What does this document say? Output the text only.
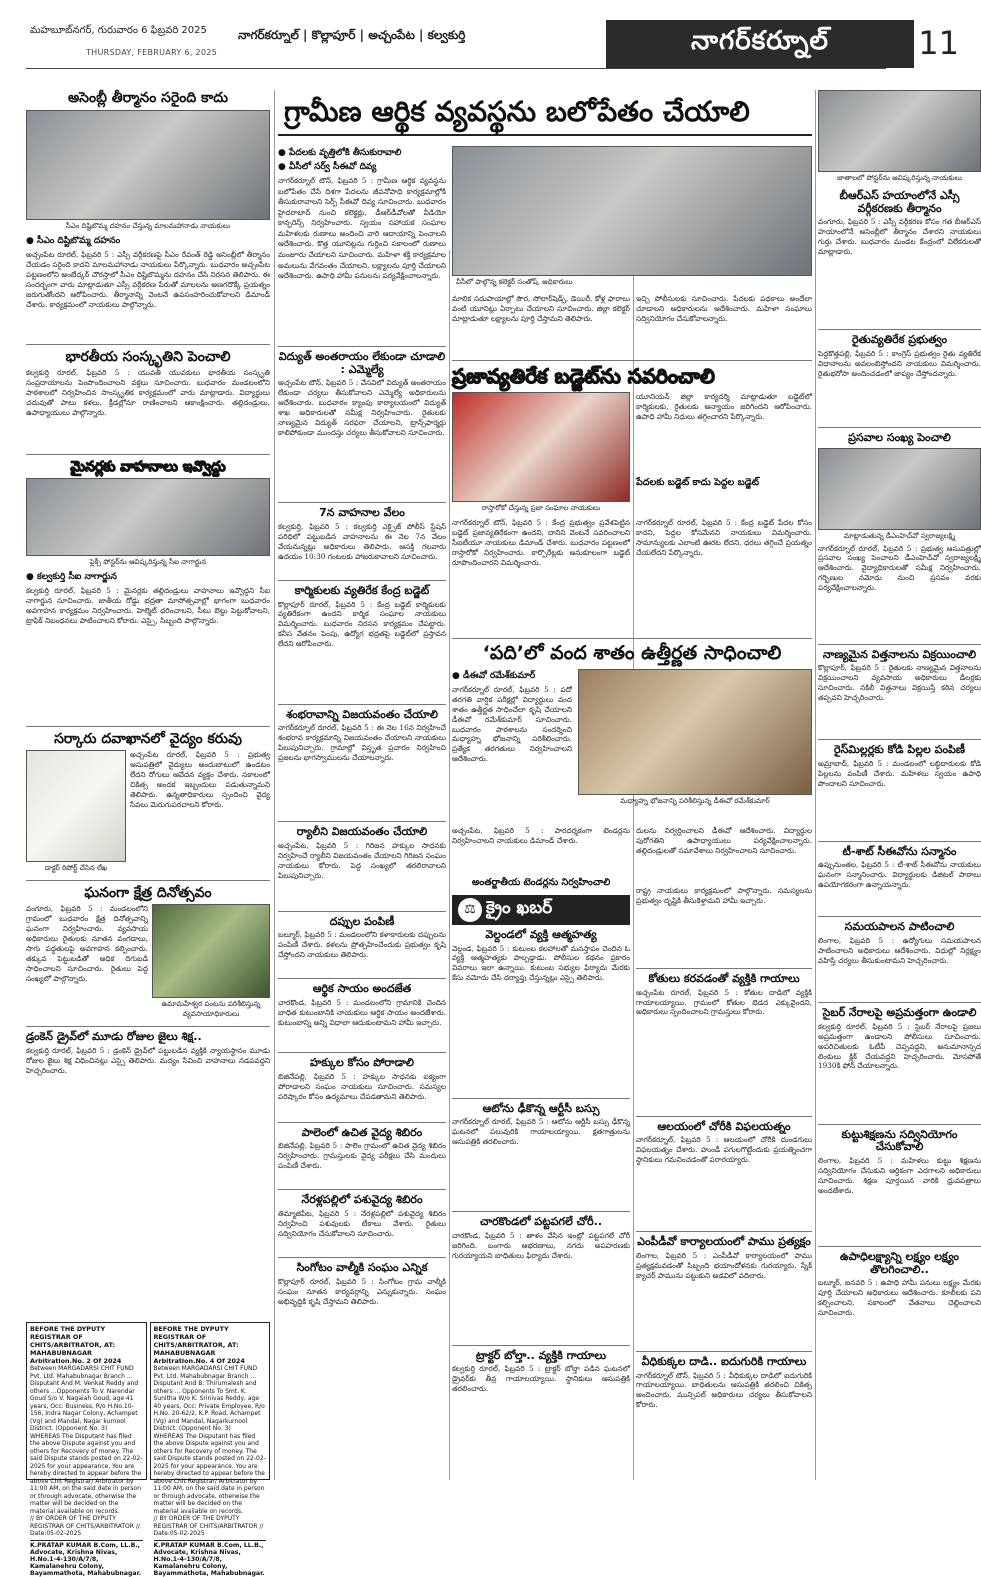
మహబూబ్‌నగర్, గురువారం 6 ఫిబ్రవరి 2025
THURSDAY, FEBRUARY 6, 2025
నాగర్‌కర్నూల్ | కొల్లాపూర్ | అచ్చంపేట | కల్వకుర్తి	నాగర్‌కర్నూల్	11
గ్రామీణ ఆర్థిక వ్యవస్థను బలోపేతం చేయాలి
అసెంబ్లీ తీర్మానం సరైంది కాదు
సీఎం దిష్టిబొమ్మ దహనం చేస్తున్న మాలమహానాడు నాయకులు
● సీఎం దిష్టిబొమ్మ దహనం
అచ్చంపేట రూరల్, ఫిబ్రవరి 5 : ఎస్సీ వర్గీకరణపై సీఎం రేవంత్ రెడ్డి అసెంబ్లీలో తీర్మానం చేయడం సరైంది కాదని మాలమహానాడు నాయకులు పేర్కొన్నారు. బుధవారం అచ్చంపేట పట్టణంలోని అంబేద్కర్ చౌరస్తాలో సీఎం దిష్టిబొమ్మను దహనం చేసి నిరసన తెలిపారు. ఈ సందర్భంగా వారు మాట్లాడుతూ ఎస్సీ వర్గీకరణ పేరుతో మాలలను అణగదొక్కే ప్రయత్నం జరుగుతోందని ఆరోపించారు. తీర్మానాన్ని వెంటనే ఉపసంహరించుకోవాలని డిమాండ్ చేశారు. కార్యక్రమంలో నాయకులు పాల్గొన్నారు.
భారతీయ సంస్కృతిని పెంచాలి
కల్వకుర్తి రూరల్, ఫిబ్రవరి 5 : యువతీ యువకులు భారతీయ సంస్కృతి సంప్రదాయాలను పెంపొందించాలని వక్తలు సూచించారు. బుధవారం మండలంలోని పాఠశాలలో నిర్వహించిన సాంస్కృతిక కార్యక్రమంలో వారు మాట్లాడారు. విద్యార్థులు చదువుతో పాటు కళలు, క్రీడల్లోనూ రాణించాలని ఆకాంక్షించారు. తల్లిదండ్రులు, ఉపాధ్యాయులు పాల్గొన్నారు.
మైనర్లకు వాహనాలు ఇవ్వొద్దు
ఫ్లెక్సీ పోస్టర్‌ను ఆవిష్కరిస్తున్న సీఐ నాగార్జున
● కల్వకుర్తి సీఐ నాగార్జున
కల్వకుర్తి రూరల్, ఫిబ్రవరి 5 : మైనర్లకు తల్లిదండ్రులు వాహనాలు ఇవ్వొద్దని సీఐ నాగార్జున సూచించారు. జాతీయ రోడ్డు భద్రతా మాసోత్సవాల్లో భాగంగా బుధవారం అవగాహన కార్యక్రమం నిర్వహించారు. హెల్మెట్ ధరించాలని, సీటు బెల్టు పెట్టుకోవాలని, ట్రాఫిక్ నిబంధనలు పాటించాలని కోరారు. ఎస్సై, సిబ్బంది పాల్గొన్నారు.
సర్కారు దవాఖానలో వైద్యం కరువు
డాక్టర్ రిపోర్ట్ చేసిన లేఖ
అచ్చంపేట రూరల్, ఫిబ్రవరి 5 : ప్రభుత్వ ఆసుపత్రిలో వైద్యులు అందుబాటులో ఉండటం లేదని రోగులు ఆవేదన వ్యక్తం చేశారు. సకాలంలో చికిత్స అందక ఇబ్బందులు పడుతున్నామని తెలిపారు. ఉన్నతాధికారులు స్పందించి వైద్య సేవలు మెరుగుపరచాలని కోరారు.
ఘనంగా క్షేత్ర దినోత్సవం
వంగూరు, ఫిబ్రవరి 5 : మండలంలోని గ్రామంలో బుధవారం క్షేత్ర దినోత్సవాన్ని ఘనంగా నిర్వహించారు. వ్యవసాయ అధికారులు రైతులకు నూతన వంగడాలు, సాగు పద్ధతులపై అవగాహన కల్పించారు. తక్కువ పెట్టుబడితో అధిక దిగుబడి సాధించాలని సూచించారు. రైతులు పెద్ద సంఖ్యలో పాల్గొన్నారు.
ఉమామహేశ్వర పంటను పరిశీలిస్తున్న వ్యవసాయాధికారులు
డ్రంకెన్ డ్రైవ్‌లో మూడు రోజుల జైలు శిక్ష..
కల్వకుర్తి రూరల్, ఫిబ్రవరి 5 : డ్రంకెన్ డ్రైవ్‌లో పట్టుబడిన వ్యక్తికి న్యాయస్థానం మూడు రోజుల జైలు శిక్ష విధించినట్లు ఎస్సై తెలిపారు. మద్యం సేవించి వాహనాలు నడపవద్దని హెచ్చరించారు.
BEFORE THE DYPUTY REGISTRAR OF CHITS/ARBITRATOR, AT: MAHABUBNAGAR Arbitration.No. 2 Of 2024
Between MARGADARSI CHIT FUND Pvt. Ltd. Mahabubnagar Branch ... Disputant And M. Venkat Reddy and others ...Opponents To V. Narendar Goud S/o V. Nagaiah Goud, age 41 years, Occ: Business, R/o H.No.10-156, Indra Nagar Colony, Achampet (Vg) and Mandal, Nagar kurnool District. (Opponent No. 3)
WHEREAS The Disputant has filed the above Dispute against you and others for Recovery of money. The said Dispute stands posted on 22-02-2025 for your appearance. You are hereby directed to appear before the above Chit Registrar/ Arbitrator by 11:00 AM, on the said date in person or through advocate, otherwise the matter will be decided on the material available on records.
// BY ORDER OF THE DYPUTY REGISTRAR OF CHITS/ARBITRATOR // Date:05-02-2025
K.PRATAP KUMAR B.Com, LL.B., Advocate, Krishna Nivas, H.No.1-4-130/A/7/8, Kamalanehru Colony, Bayammathota, Mahabubnagar.
BEFORE THE DYPUTY REGISTRAR OF CHITS/ARBITRATOR, AT: MAHABUBNAGAR Arbitration.No. 4 Of 2024
Between MARGADARSI CHIT FUND Pvt. Ltd. Mahabubnagar Branch ... Disputant And B. Thirumalesh and others ... Opponents To Smt. K. Sunitha W/o K. Srinivas Reddy, age 40 years, Occ: Private Employee, R/o H.No. 20-62/2, K.P. Road, Achampet (Vg) and Mandal, Nagarkurnool District. (Opponent No. 3)
WHEREAS The Disputant has filed the above Dispute against you and others for Recovery of money. The said Dispute stands posted on 22-02-2025 for your appearance. You are hereby directed to appear before the above Chit Registrar/ Arbitrator by 11:00 AM, on the said date in person or through advocate, otherwise the matter will be decided on the material available on records.
// BY ORDER OF THE DYPUTY REGISTRAR OF CHITS/ARBITRATOR // Date:05-02-2025
K.PRATAP KUMAR B.Com, LL.B., Advocate, Krishna Nivas, H.No.1-4-130/A/7/8, Kamalanehru Colony, Bayammathota, Mahabubnagar.
● పేదలకు వృత్తిలోకి తీసుకురావాలి
● వీసీలో సర్వ్ సీఈవో దివ్య
నాగర్‌కర్నూల్ టౌన్, ఫిబ్రవరి 5 : గ్రామీణ ఆర్థిక వ్యవస్థను బలోపేతం చేసే దిశగా పేదలను జీవనోపాధి కార్యక్రమాల్లోకి తీసుకురావాలని సెర్ప్ సీఈవో దివ్య సూచించారు. బుధవారం హైదరాబాద్ నుంచి కలెక్టర్లు, డీఆర్‌డీవోలతో వీడియో కాన్ఫరెన్స్ నిర్వహించారు. స్వయం సహాయక సంఘాల మహిళలకు రుణాలు అందించి వారి ఆదాయాన్ని పెంచాలని ఆదేశించారు. కొత్త యూనిట్లను గుర్తించి సకాలంలో రుణాలు మంజూరు చేయాలని సూచించారు. మహిళా శక్తి కార్యక్రమాల అమలును వేగవంతం చేయాలని, లక్ష్యాలను పూర్తి చేయాలని ఆదేశించారు. ఉపాధి హామీ పనులను పర్యవేక్షించాలన్నారు.
విద్యుత్ అంతరాయం లేకుండా చూడాలి : ఎమ్మెల్యే
అచ్చంపేట టౌన్, ఫిబ్రవరి 5 : వేసవిలో విద్యుత్ అంతరాయం లేకుండా చర్యలు తీసుకోవాలని ఎమ్మెల్యే అధికారులను ఆదేశించారు. బుధవారం క్యాంపు కార్యాలయంలో విద్యుత్ శాఖ అధికారులతో సమీక్ష నిర్వహించారు. రైతులకు నాణ్యమైన విద్యుత్ సరఫరా చేయాలని, ట్రాన్స్‌ఫార్మర్లు కాలిపోకుండా ముందస్తు చర్యలు తీసుకోవాలని సూచించారు.
7న వాహనాల వేలం
కల్వకుర్తి, ఫిబ్రవరి 5 : కల్వకుర్తి ఎక్సైజ్ పోలీస్ స్టేషన్ పరిధిలో పట్టుబడిన వాహనాలను ఈ నెల 7న వేలం వేయనున్నట్లు అధికారులు తెలిపారు. ఆసక్తి గలవారు ఉదయం 10:30 గంటలకు హాజరుకావాలని సూచించారు.
కార్మికులకు వ్యతిరేక కేంద్ర బడ్జెట్
కొల్లాపూర్ రూరల్, ఫిబ్రవరి 5 : కేంద్ర బడ్జెట్ కార్మికులకు వ్యతిరేకంగా ఉందని కార్మిక సంఘాల నాయకులు విమర్శించారు. బుధవారం నిరసన కార్యక్రమం చేపట్టారు. కనీస వేతనం పెంపు, ఉద్యోగ భద్రతపై బడ్జెట్‌లో ప్రస్తావన లేదని ఆరోపించారు.
శంభరావాన్ని విజయవంతం చేయాలి
నాగర్‌కర్నూల్ రూరల్, ఫిబ్రవరి 5 : ఈ నెల 16న నిర్వహించే శంభరావ కార్యక్రమాన్ని విజయవంతం చేయాలని నాయకులు పిలుపునిచ్చారు. గ్రామాల్లో విస్తృత ప్రచారం నిర్వహించి ప్రజలను భాగస్వాములను చేయాలన్నారు.
ర్యాలీని విజయవంతం చేయాలి
అచ్చంపేట, ఫిబ్రవరి 5 : గిరిజన హక్కుల సాధనకు నిర్వహించే ర్యాలీని విజయవంతం చేయాలని గిరిజన సంఘం నాయకులు కోరారు. పెద్ద సంఖ్యలో తరలిరావాలని పిలుపునిచ్చారు.
దప్పుల పంపిణీ
బల్మూర్, ఫిబ్రవరి 5 : మండలంలోని కళాకారులకు దప్పులను పంపిణీ చేశారు. కళలను ప్రోత్సహించేందుకు ప్రభుత్వం కృషి చేస్తోందని నాయకులు తెలిపారు.
ఆర్థిక సాయం అందజేత
చారకొండ, ఫిబ్రవరి 5 : మండలంలోని గ్రామానికి చెందిన బాధిత కుటుంబానికి నాయకులు ఆర్థిక సాయం అందజేశారు. కుటుంబాన్ని అన్ని విధాలా ఆదుకుంటామని హామీ ఇచ్చారు.
హక్కుల కోసం పోరాడాలి
బిజినేపల్లి, ఫిబ్రవరి 5 : హక్కుల సాధనకు ఐక్యంగా పోరాడాలని సంఘం నాయకులు సూచించారు. సమస్యల పరిష్కారం కోసం ఉద్యమాలు చేపడతామని తెలిపారు.
పాలెంలో ఉచిత వైద్య శిబిరం
బిజినేపల్లి, ఫిబ్రవరి 5 : పాలెం గ్రామంలో ఉచిత వైద్య శిబిరం నిర్వహించారు. గ్రామస్తులకు వైద్య పరీక్షలు చేసి మందులు పంపిణీ చేశారు.
నేరళ్లపల్లిలో పశువైద్య శిబిరం
తిమ్మాజిపేట, ఫిబ్రవరి 5 : నేరళ్లపల్లిలో పశువైద్య శిబిరం నిర్వహించి పశువులకు టీకాలు వేశారు. రైతులు సద్వినియోగం చేసుకోవాలని సూచించారు.
సింగోటం వాల్మీకి సంఘం ఎన్నిక
కొల్లాపూర్ రూరల్, ఫిబ్రవరి 5 : సింగోటం గ్రామ వాల్మీకి సంఘం నూతన కార్యవర్గాన్ని ఎన్నుకున్నారు. సంఘం అభివృద్ధికి కృషి చేస్తామని తెలిపారు.
వీసీలో పాల్గొన్న కలెక్టర్ సంతోష్, అధికారులు
మాలిక సదుపాయాల్లో సౌర, సోలార్‌షెడ్స్, డెయిరీ, కోళ్ల ఫారాలు వంటి యూనిట్లు ఏర్పాటు చేయాలని సూచించారు. జిల్లా కలెక్టర్ మాట్లాడుతూ లక్ష్యాలను పూర్తి చేస్తామని తెలిపారు.
ఇచ్చి పోలీసులకు సూచించారు. పేదలకు పథకాలు అందేలా చూడాలని అధికారులను ఆదేశించారు. మహిళా సంఘాలు సద్వినియోగం చేసుకోవాలన్నారు.
ప్రజావ్యతిరేక బడ్జెట్‌ను సవరించాలి
రాస్తారోకో చేస్తున్న ప్రజా సంఘాల నాయకులు
యూనియన్ జిల్లా కార్యదర్శి మాట్లాడుతూ బడ్జెట్‌లో కార్మికులకు, రైతులకు అన్యాయం జరిగిందని ఆరోపించారు. ఉపాధి హామీ నిధులు తగ్గించారని పేర్కొన్నారు.
పేదలకు బడ్జెట్ కాదు పెద్దల బడ్జెట్
నాగర్‌కర్నూల్ టౌన్, ఫిబ్రవరి 5 : కేంద్ర ప్రభుత్వం ప్రవేశపెట్టిన బడ్జెట్ ప్రజావ్యతిరేకంగా ఉందని, దానిని వెంటనే సవరించాలని సీఐటీయూ నాయకులు డిమాండ్ చేశారు. బుధవారం పట్టణంలో రాస్తారోకో నిర్వహించారు. కార్పొరేట్లకు అనుకూలంగా బడ్జెట్ రూపొందించారని విమర్శించారు.
నాగర్‌కర్నూల్ రూరల్, ఫిబ్రవరి 5 : కేంద్ర బడ్జెట్ పేదల కోసం కాదని, పెద్దల కోసమేనని నాయకులు విమర్శించారు. సామాన్యులకు ఎలాంటి ఊరట లేదని, ధరలు తగ్గించే ప్రయత్నం చేయలేదని పేర్కొన్నారు.
‘పది’లో వంద శాతం ఉత్తీర్ణత సాధించాలి
● డీఈవో రమేశ్‌కుమార్
నాగర్‌కర్నూల్ రూరల్, ఫిబ్రవరి 5 : పదో తరగతి వార్షిక పరీక్షల్లో విద్యార్థులు వంద శాతం ఉత్తీర్ణత సాధించేలా కృషి చేయాలని డీఈవో రమేశ్‌కుమార్ సూచించారు. బుధవారం పాఠశాలను సందర్శించి మధ్యాహ్న భోజనాన్ని పరిశీలించారు. ప్రత్యేక తరగతులు నిర్వహించాలని ఆదేశించారు.
మధ్యాహ్న భోజనాన్ని పరిశీలిస్తున్న డీఈవో రమేశ్‌కుమార్
అచ్చంపేట, ఫిబ్రవరి 5 : పారదర్శకంగా టెండర్లను నిర్వహించాలని నాయకులు డిమాండ్ చేశారు.
అంతర్జాతీయ టెండర్లను నిర్వహించాలి
⚖ క్రైం ఖబర్
వెల్దండలో వ్యక్తి ఆత్మహత్య
వెల్దండ, ఫిబ్రవరి 5 : కుటుంబ కలహాలతో మనస్తాపం చెందిన ఓ వ్యక్తి ఆత్మహత్యకు పాల్పడ్డాడు. పోలీసుల కథనం ప్రకారం వివరాలు ఇలా ఉన్నాయి. కుటుంబ సభ్యుల ఫిర్యాదు మేరకు కేసు నమోదు చేసి దర్యాప్తు చేస్తున్నట్లు ఎస్సై తెలిపారు.
ఆటోను ఢీకొన్న ఆర్టీసీ బస్సు
నాగర్‌కర్నూల్ రూరల్, ఫిబ్రవరి 5 : ఆటోను ఆర్టీసీ బస్సు ఢీకొన్న ఘటనలో పలువురికి గాయాలయ్యాయి. క్షతగాత్రులను ఆసుపత్రికి తరలించారు.
చారకొండలో పట్టపగలే చోరీ..
చారకొండ, ఫిబ్రవరి 5 : తాళం వేసిన ఇంట్లో పట్టపగలే చోరీ జరిగింది. బంగారు ఆభరణాలు, నగదు అపహరణకు గురయ్యాయని బాధితులు ఫిర్యాదు చేశారు.
ట్రాక్టర్ బోల్తా.. వ్యక్తికి గాయాలు
కల్వకుర్తి రూరల్, ఫిబ్రవరి 5 : ట్రాక్టర్ బోల్తా పడిన ఘటనలో డ్రైవర్‌కు తీవ్ర గాయాలయ్యాయి. స్థానికులు ఆసుపత్రికి తరలించారు.
దులను నిర్వర్తించాలని డీఈవో ఆదేశించారు. విద్యార్థుల పురోగతిని ఉపాధ్యాయులు పర్యవేక్షించాలన్నారు. తల్లిదండ్రులతో సమావేశాలు నిర్వహించాలని సూచించారు.
రాష్ట్ర నాయకులు కార్యక్రమంలో పాల్గొన్నారు. సమస్యలను ప్రభుత్వం దృష్టికి తీసుకెళ్తామని హామీ ఇచ్చారు.
కోతులు కరవడంతో వ్యక్తికి గాయాలు
అచ్చంపేట రూరల్, ఫిబ్రవరి 5 : కోతుల దాడిలో వ్యక్తికి గాయాలయ్యాయి. గ్రామంలో కోతుల బెడద ఎక్కువైందని, అధికారులు స్పందించాలని గ్రామస్తులు కోరారు.
ఆలయంలో చోరీకి విఫలయత్నం
నాగర్‌కర్నూల్, ఫిబ్రవరి 5 : ఆలయంలో చోరీకి దుండగులు విఫలయత్నం చేశారు. హుండీ పగులగొట్టేందుకు ప్రయత్నించగా స్థానికులు గమనించడంతో పరారయ్యారు.
ఎంపీడీవో కార్యాలయంలో పాము ప్రత్యక్షం
లింగాల, ఫిబ్రవరి 5 : ఎంపీడీవో కార్యాలయంలో పాము ప్రత్యక్షమవడంతో సిబ్బంది భయాందోళనకు గురయ్యారు. స్నేక్ క్యాచర్ పామును పట్టుకుని అడవిలో వదిలారు.
వీధికుక్కల దాడి.. ఐదుగురికి గాయాలు
నాగర్‌కర్నూల్ టౌన్, ఫిబ్రవరి 5 : వీధికుక్కల దాడిలో ఐదుగురికి గాయాలయ్యాయి. బాధితులను ఆసుపత్రికి తరలించి చికిత్స అందించారు. మున్సిపల్ అధికారులు చర్యలు తీసుకోవాలని కోరారు.
జాతాలలో పోస్టర్‌ను ఆవిష్కరిస్తున్న నాయకులు
బీఆర్‌ఎస్ హయాంలోనే ఎస్సీ వర్గీకరణకు తీర్మానం
వంగూరు, ఫిబ్రవరి 5 : ఎస్సీ వర్గీకరణ కోసం గత బీఆర్‌ఎస్ హయాంలోనే అసెంబ్లీలో తీర్మానం చేశారని నాయకులు గుర్తు చేశారు. బుధవారం మండల కేంద్రంలో విలేకరులతో మాట్లాడారు.
రైతువ్యతిరేక ప్రభుత్వం
పెద్దకొత్తపల్లి, ఫిబ్రవరి 5 : కాంగ్రెస్ ప్రభుత్వం రైతు వ్యతిరేక విధానాలను అవలంబిస్తోందని నాయకులు విమర్శించారు. రైతుభరోసా అందించడంలో జాప్యం చేస్తోందన్నారు.
ప్రసవాల సంఖ్య పెంచాలి
మాట్లాడుతున్న డీఎంహెచ్‌వో స్వరాజ్యలక్ష్మి
నాగర్‌కర్నూల్ రూరల్, ఫిబ్రవరి 5 : ప్రభుత్వ ఆసుపత్రుల్లో ప్రసవాల సంఖ్య పెంచాలని డీఎంహెచ్‌వో స్వరాజ్యలక్ష్మి ఆదేశించారు. వైద్యాధికారులతో సమీక్ష నిర్వహించారు. గర్భిణుల నమోదు నుంచి ప్రసవం వరకు పర్యవేక్షించాలన్నారు.
నాణ్యమైన విత్తనాలను విక్రయించాలి
కొల్లాపూర్, ఫిబ్రవరి 5 : రైతులకు నాణ్యమైన విత్తనాలను విక్రయించాలని వ్యవసాయ అధికారులు డీలర్లకు సూచించారు. నకిలీ విత్తనాలు విక్రయిస్తే కఠిన చర్యలు తప్పవని హెచ్చరించారు.
రైస్‌మిల్లర్లకు కోడి పిల్లల పంపిణీ
అమ్రాబాద్, ఫిబ్రవరి 5 : మండలంలో లబ్ధిదారులకు కోడి పిల్లలను పంపిణీ చేశారు. మహిళలు స్వయం ఉపాధి పొందాలని సూచించారు.
టీ-శాట్ సీఈవోను సన్మానం
ఉప్పునుంతల, ఫిబ్రవరి 5 : టీ-శాట్ సీఈవోను నాయకులు ఘనంగా సన్మానించారు. విద్యార్థులకు డిజిటల్ పాఠాలు ఉపయోగకరంగా ఉన్నాయన్నారు.
సమయపాలన పాటించాలి
లింగాల, ఫిబ్రవరి 5 : ఉద్యోగులు సమయపాలన పాటించాలని అధికారులు ఆదేశించారు. విధుల్లో నిర్లక్ష్యం వహిస్తే చర్యలు తీసుకుంటామని హెచ్చరించారు.
సైబర్ నేరాలపై అప్రమత్తంగా ఉండాలి
కల్వకుర్తి రూరల్, ఫిబ్రవరి 5 : సైబర్ నేరాలపై ప్రజలు అప్రమత్తంగా ఉండాలని పోలీసులు సూచించారు. అపరిచితులకు ఓటీపీ చెప్పవద్దని, అనుమానాస్పద లింకులు క్లిక్ చేయవద్దని హెచ్చరించారు. మోసపోతే 1930కి ఫోన్ చేయాలన్నారు.
కుట్టుశిక్షణను సద్వినియోగం చేసుకోవాలి
లింగాల, ఫిబ్రవరి 5 : మహిళలు కుట్టు శిక్షణను సద్వినియోగం చేసుకుని ఆర్థికంగా ఎదగాలని అధికారులు సూచించారు. శిక్షణ పూర్తయిన వారికి ధ్రువపత్రాలు అందజేశారు.
ఉపాధిలక్ష్యాన్ని లక్ష్యం లక్ష్యం తొలగించాలి..
బల్మూర్, జనవరి 5 : ఉపాధి హామీ పనులు లక్ష్యం మేరకు పూర్తి చేయాలని అధికారులు ఆదేశించారు. కూలీలకు పని కల్పించాలని, సకాలంలో వేతనాలు చెల్లించాలని సూచించారు.
